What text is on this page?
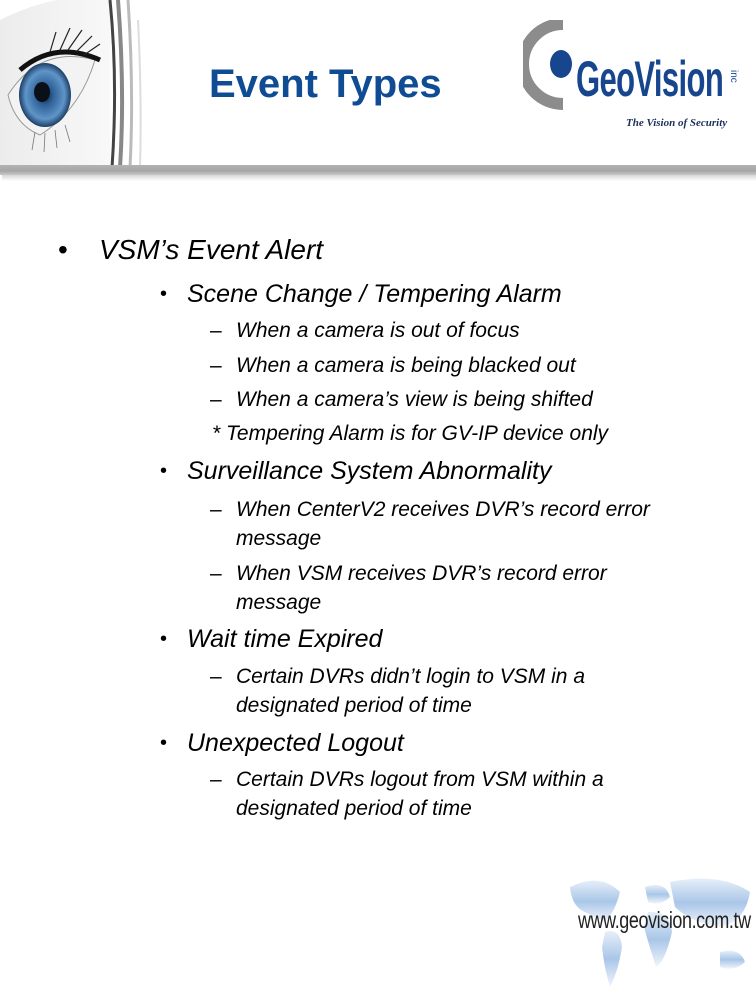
Event Types	GeoVision inc
The Vision of Security
• VSM’s Event Alert
• Scene Change / Tempering Alarm
– When a camera is out of focus
– When a camera is being blacked out
– When a camera’s view is being shifted
* Tempering Alarm is for GV-IP device only
• Surveillance System Abnormality
– When CenterV2 receives DVR’s record error
message
– When VSM receives DVR’s record error
message
• Wait time Expired
– Certain DVRs didn’t login to VSM in a
designated period of time
• Unexpected Logout
– Certain DVRs logout from VSM within a
designated period of time
www.geovision.com.tw
